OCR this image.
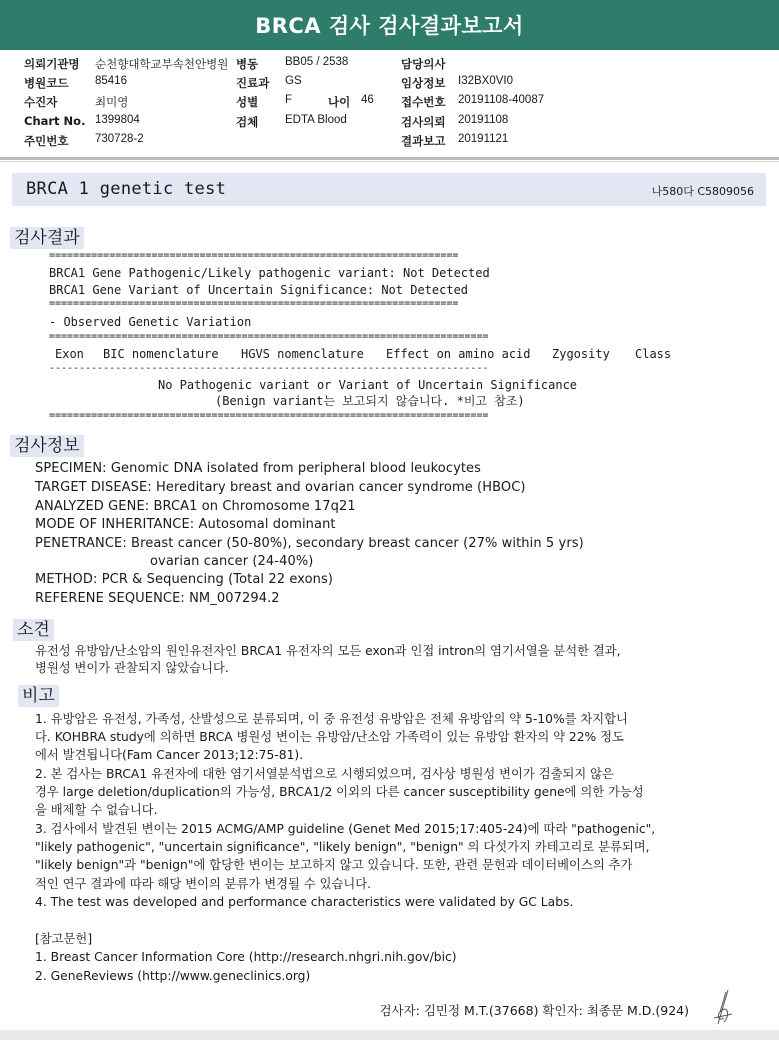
BRCA 검사 검사결과보고서
의뢰기관명 순천향대학교부속천안병원 병동 BB05 / 2538	담당의사
병원코드 85416	진료과 GS	임상정보 I32BX0VI0
수진자	최미영	성별 F	나이 46 접수번호 20191108-40087
Chart No. 1399804	검체 EDTA Blood	검사의뢰 20191108
주민번호 730728-2	결과보고 20191121
BRCA 1 genetic test	나580다 C5809056
검사결과
====================================================================
BRCA1 Gene Pathogenic/Likely pathogenic variant: Not Detected
BRCA1 Gene Variant of Uncertain Significance: Not Detected
====================================================================
- Observed Genetic Variation
=========================================================================
Exon BIC nomenclature HGVS nomenclature Effect on amino acid Zygosity Class
-------------------------------------------------------------------------
No Pathogenic variant or Variant of Uncertain Significance
(Benign variant는 보고되지 않습니다. *비고 참조)
=========================================================================
검사정보
SPECIMEN: Genomic DNA isolated from peripheral blood leukocytes
TARGET DISEASE: Hereditary breast and ovarian cancer syndrome (HBOC)
ANALYZED GENE: BRCA1 on Chromosome 17q21
MODE OF INHERITANCE: Autosomal dominant
PENETRANCE: Breast cancer (50-80%), secondary breast cancer (27% within 5 yrs)
ovarian cancer (24-40%)
METHOD: PCR & Sequencing (Total 22 exons)
REFERENE SEQUENCE: NM_007294.2
소견
유전성 유방암/난소암의 원인유전자인 BRCA1 유전자의 모든 exon과 인접 intron의 염기서열을 분석한 결과,
병원성 변이가 관찰되지 않았습니다.
비고
1. 유방암은 유전성, 가족성, 산발성으로 분류되며, 이 중 유전성 유방암은 전체 유방암의 약 5-10%를 차지합니
다. KOHBRA study에 의하면 BRCA 병원성 변이는 유방암/난소암 가족력이 있는 유방암 환자의 약 22% 정도
에서 발견됩니다(Fam Cancer 2013;12:75-81).
2. 본 검사는 BRCA1 유전자에 대한 염기서열분석법으로 시행되었으며, 검사상 병원성 변이가 검출되지 않은
경우 large deletion/duplication의 가능성, BRCA1/2 이외의 다른 cancer susceptibility gene에 의한 가능성
을 배제할 수 없습니다.
3. 검사에서 발견된 변이는 2015 ACMG/AMP guideline (Genet Med 2015;17:405-24)에 따라 "pathogenic",
"likely pathogenic", "uncertain significance", "likely benign", "benign" 의 다섯가지 카테고리로 분류되며,
"likely benign"과 "benign"에 합당한 변이는 보고하지 않고 있습니다. 또한, 관련 문헌과 데이터베이스의 추가
적인 연구 결과에 따라 해당 변이의 분류가 변경될 수 있습니다.
4. The test was developed and performance characteristics were validated by GC Labs.
[참고문헌]
1. Breast Cancer Information Core (http://research.nhgri.nih.gov/bic)
2. GeneReviews (http://www.geneclinics.org)
검사자: 김민정 M.T.(37668) 확인자: 최종문 M.D.(924)
